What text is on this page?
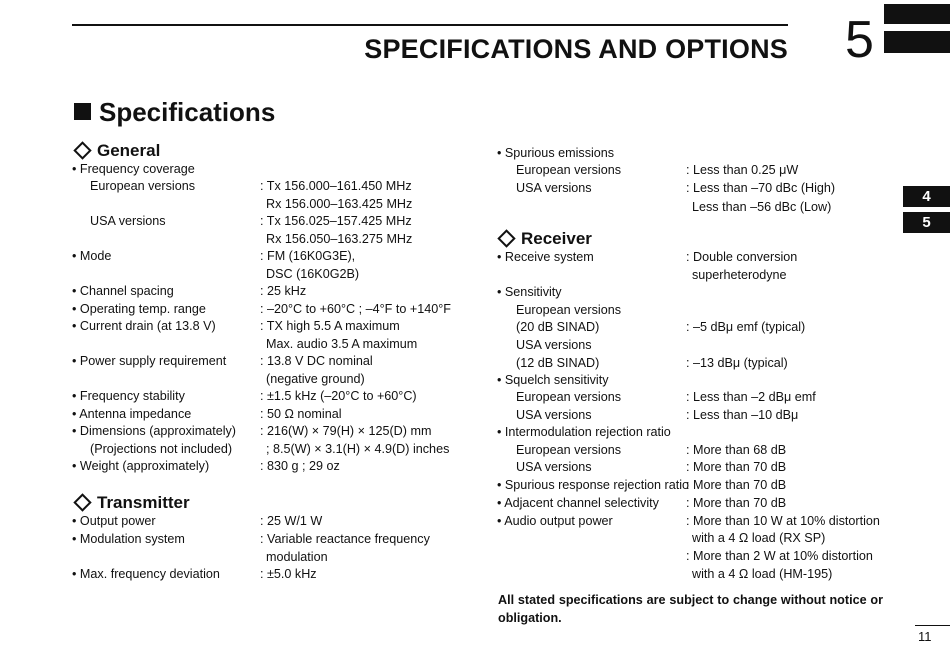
SPECIFICATIONS AND OPTIONS 5
4
5
Specifications
General
• Frequency coverage
European versions	: Tx 156.000–161.450 MHz
Rx 156.000–163.425 MHz
USA versions	: Tx 156.025–157.425 MHz
Rx 156.050–163.275 MHz
• Mode	: FM (16K0G3E),
DSC (16K0G2B)
• Channel spacing	: 25 kHz
• Operating temp. range	: –20°C to +60°C ; –4°F to +140°F
• Current drain (at 13.8 V)	: TX high 5.5 A maximum
Max. audio 3.5 A maximum
• Power supply requirement	: 13.8 V DC nominal
(negative ground)
• Frequency stability	: ±1.5 kHz (–20°C to +60°C)
• Antenna impedance	: 50 Ω nominal
• Dimensions (approximately) : 216(W) × 79(H) × 125(D) mm
(Projections not included)	; 8.5(W) × 3.1(H) × 4.9(D) inches
• Weight (approximately)	: 830 g ; 29 oz
Transmitter
• Output power	: 25 W/1 W
• Modulation system	: Variable reactance frequency
modulation
• Max. frequency deviation	: ±5.0 kHz
• Spurious emissions
European versions	: Less than 0.25 μW
USA versions	: Less than –70 dBc (High)
Less than –56 dBc (Low)
Receiver
• Receive system	: Double conversion
superheterodyne
• Sensitivity
European versions
(20 dB SINAD)	: –5 dBμ emf (typical)
USA versions
(12 dB SINAD)	: –13 dBμ (typical)
• Squelch sensitivity
European versions	: Less than –2 dBμ emf
USA versions	: Less than –10 dBμ
• Intermodulation rejection ratio
European versions	: More than 68 dB
USA versions	: More than 70 dB
• Spurious response rejection ratio
: More than 70 dB
• Adjacent channel selectivity : More than 70 dB
• Audio output power	: More than 10 W at 10% distortion
with a 4 Ω load (RX SP)
: More than 2 W at 10% distortion
with a 4 Ω load (HM-195)
All stated specifications are subject to change without notice or obligation.
11
